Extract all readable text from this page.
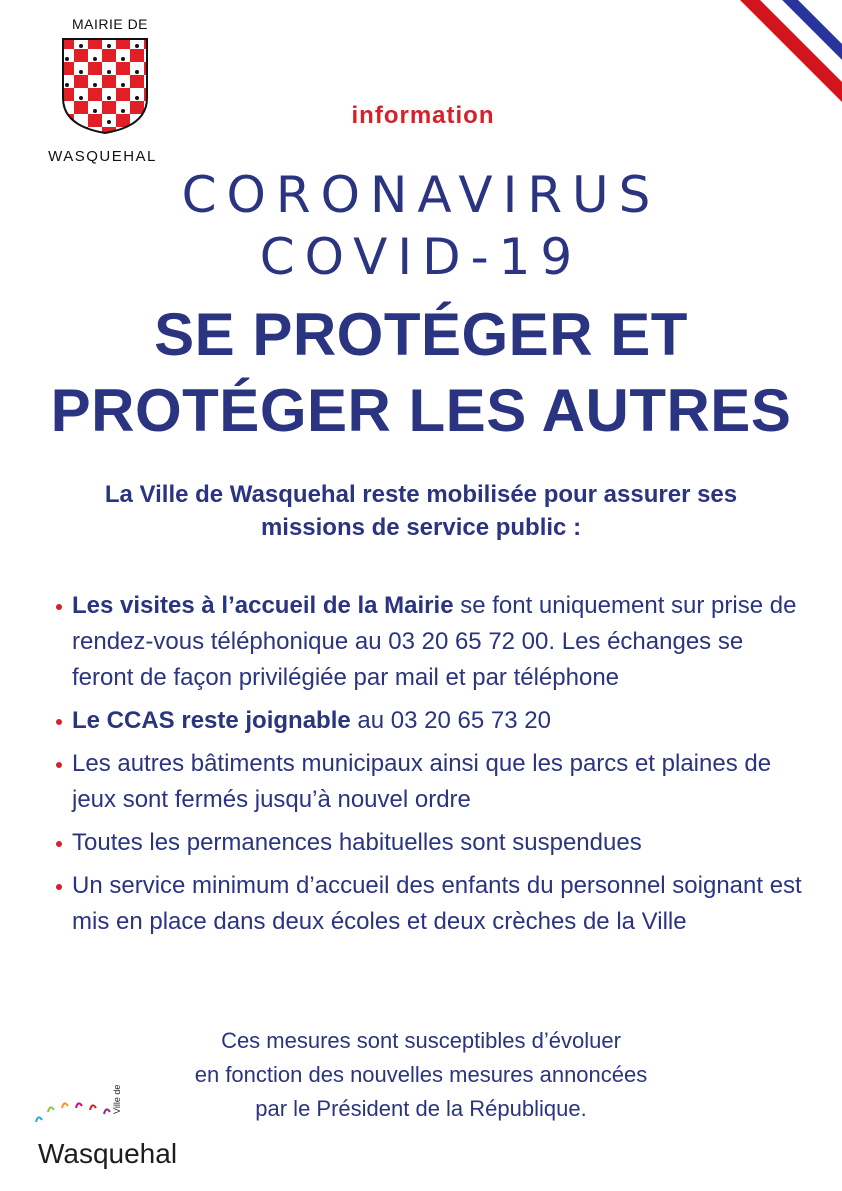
MAIRIE DE
WASQUEHAL
information
CORONAVIRUS
COVID-19
SE PROTÉGER ET
PROTÉGER LES AUTRES
La Ville de Wasquehal reste mobilisée pour assurer ses
missions de service public :
Les visites à l’accueil de la Mairie se font uniquement sur prise de rendez-vous téléphonique au 03 20 65 72 00. Les échanges se feront de façon privilégiée par mail et par téléphone
Le CCAS reste joignable au 03 20 65 73 20
Les autres bâtiments municipaux ainsi que les parcs et plaines de jeux sont fermés jusqu’à nouvel ordre
Toutes les permanences habituelles sont suspendues
Un service minimum d’accueil des enfants du personnel soignant est mis en place dans deux écoles et deux crèches de la Ville
Ces mesures sont susceptibles d’évoluer
en fonction des nouvelles mesures annoncées
par le Président de la République.
Wasquehal
Ville de
